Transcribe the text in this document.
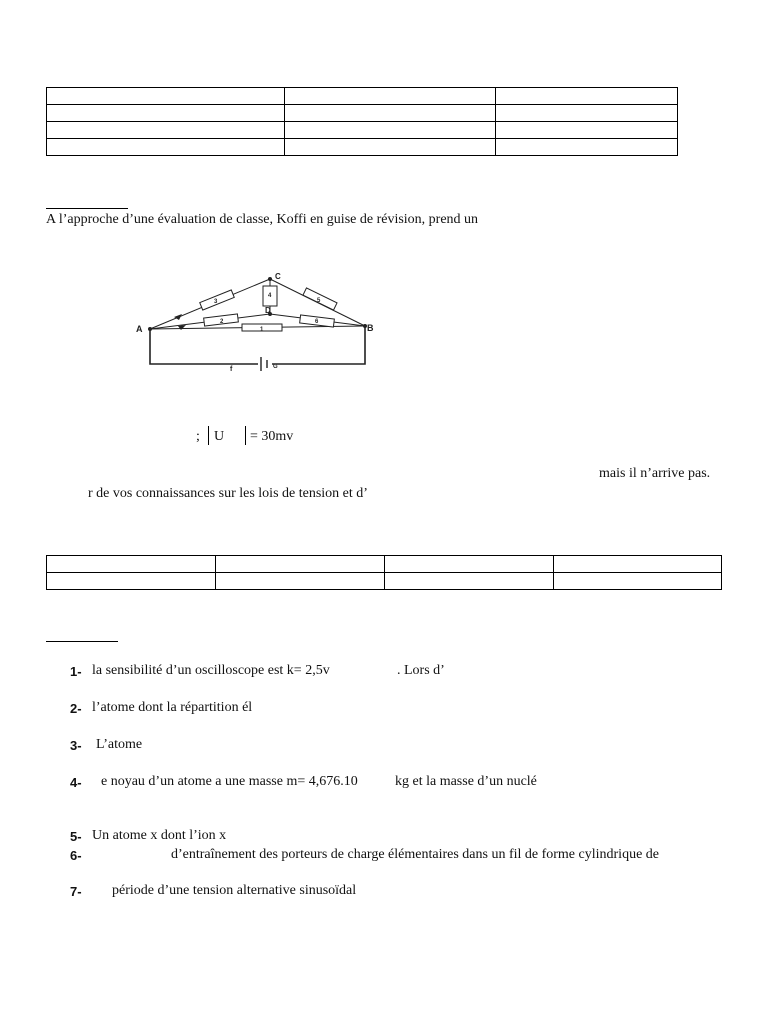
A l’approche d’une évaluation de classe, Koffi en guise de révision, prend un
A	B
C
D
1
2
3
4
5
6
f	G
; U = 30mv
mais il n’arrive pas.
r de vos connaissances sur les lois de tension et d’

1- la sensibilité d’un oscilloscope est k= 2,5v	. Lors d’
2- l’atome dont la répartition él
3- L’atome
4- e noyau d’un atome a une masse m= 4,676.10	kg et la masse d’un nuclé
5- Un atome x dont l’ion x
6-	d’entraînement des porteurs de charge élémentaires dans un fil de forme cylindrique de
7- période d’une tension alternative sinusoïdal
